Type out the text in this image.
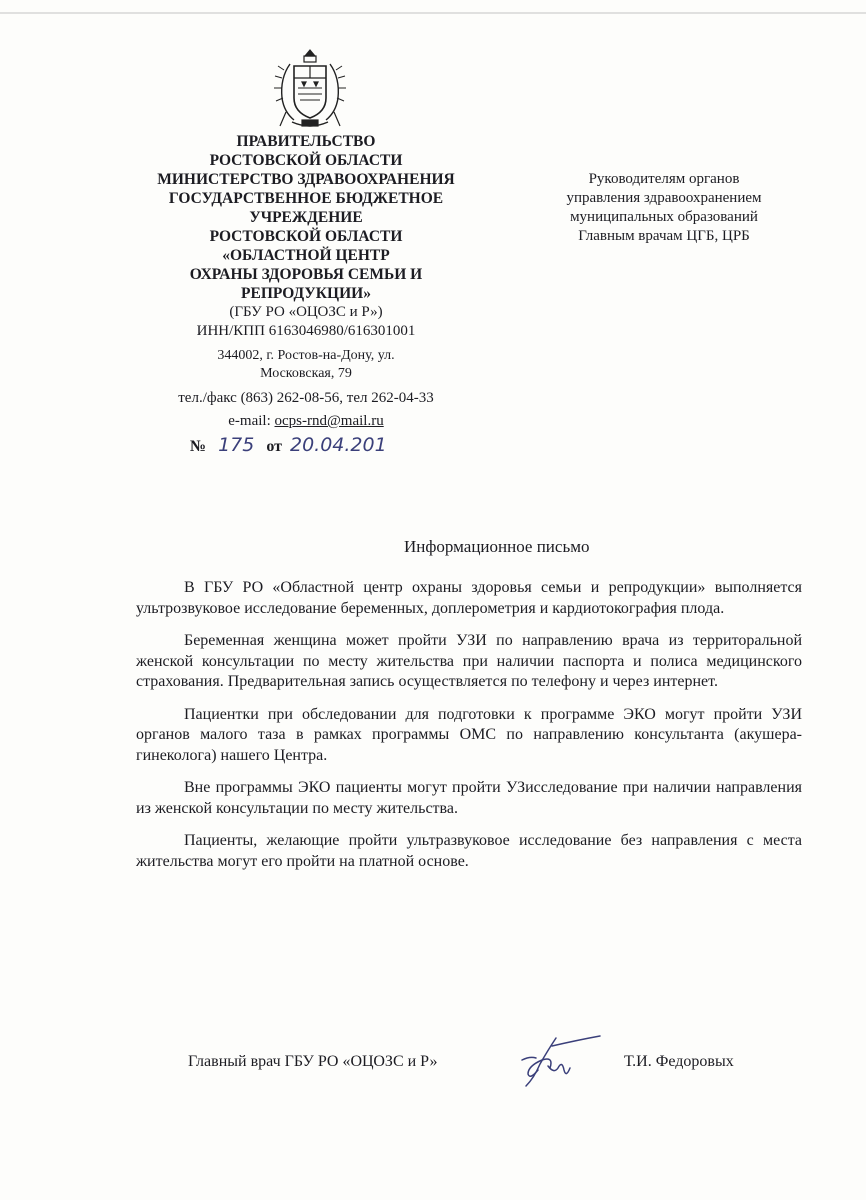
ПРАВИТЕЛЬСТВО
РОСТОВСКОЙ ОБЛАСТИ
МИНИСТЕРСТВО ЗДРАВООХРАНЕНИЯ
ГОСУДАРСТВЕННОЕ БЮДЖЕТНОЕ
УЧРЕЖДЕНИЕ
РОСТОВСКОЙ ОБЛАСТИ
«ОБЛАСТНОЙ ЦЕНТР
ОХРАНЫ ЗДОРОВЬЯ СЕМЬИ И
РЕПРОДУКЦИИ»
(ГБУ РО «ОЦОЗС и Р»)
ИНН/КПП 6163046980/616301001
344002, г. Ростов-на-Дону, ул.
Московская, 79
тел./факс (863) 262-08-56, тел 262-04-33
e-mail: ocps-rnd@mail.ru
№ 175 от 20.04.201
Руководителям органов
управления здравоохранением
муниципальных образований
Главным врачам ЦГБ, ЦРБ
Информационное письмо

В ГБУ РО «Областной центр охраны здоровья семьи и репродукции» выполняется ультрозвуковое исследование беременных, доплерометрия и кардиотокография плода.

Беременная женщина может пройти УЗИ по направлению врача из территоральной женской консультации по месту жительства при наличии паспорта и полиса медицинского страхования. Предварительная запись осуществляется по телефону и через интернет.

Пациентки при обследовании для подготовки к программе ЭКО могут пройти УЗИ органов малого таза в рамках программы ОМС по направлению консультанта (акушера-гинеколога) нашего Центра.

Вне программы ЭКО пациенты могут пройти УЗисследование при наличии направления из женской консультации по месту жительства.

Пациенты, желающие пройти ультразвуковое исследование без направления с места жительства могут его пройти на платной основе.

Главный врач ГБУ РО «ОЦОЗС и Р»	Т.И. Федоровых
